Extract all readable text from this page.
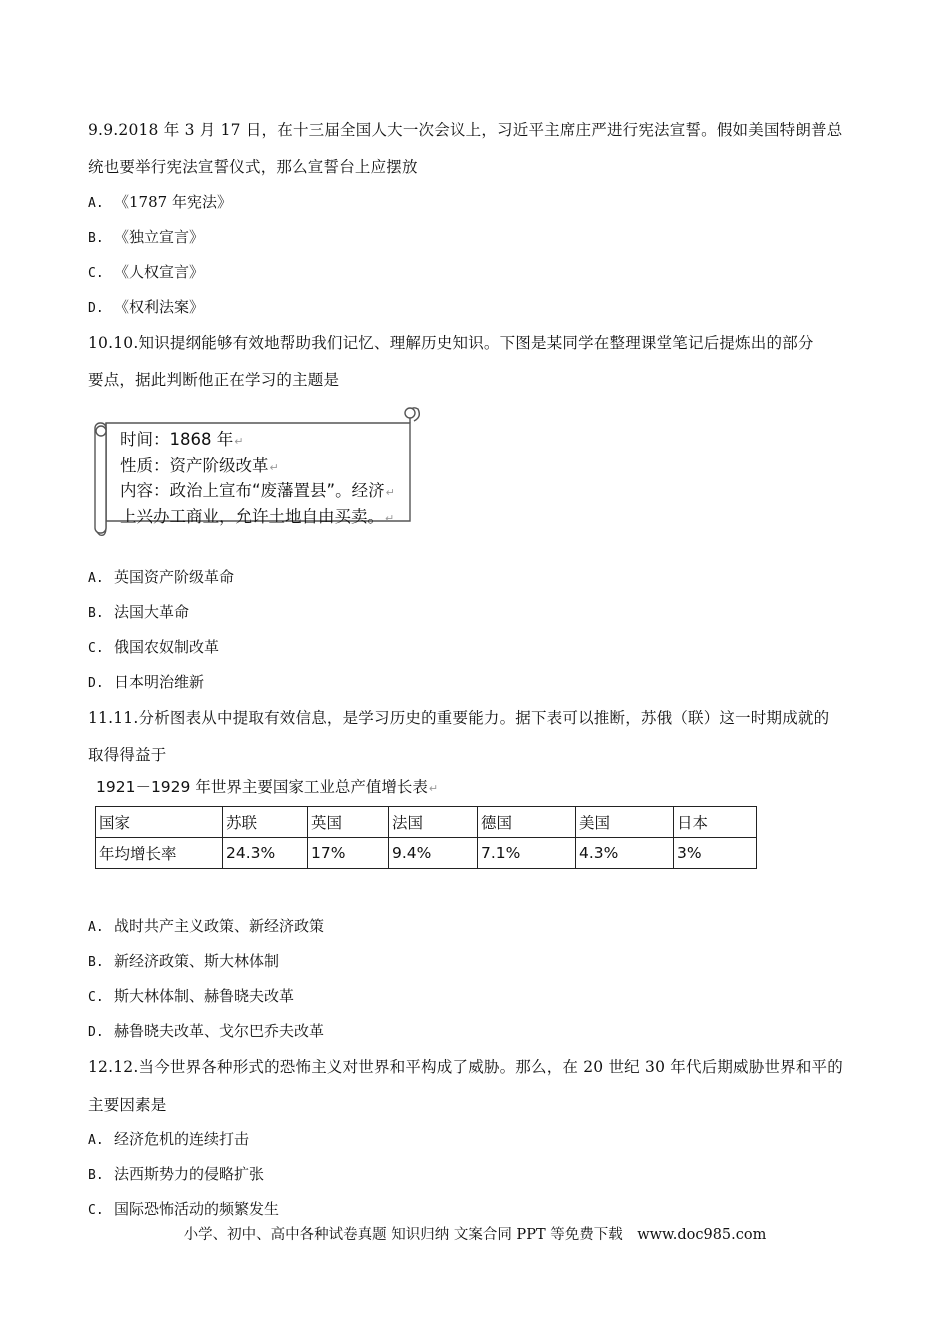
9.9.2018 年 3 月 17 日，在十三届全国人大一次会议上，习近平主席庄严进行宪法宣誓。假如美国特朗普总
统也要举行宪法宣誓仪式，那么宣誓台上应摆放
A. 《1787 年宪法》
B. 《独立宣言》
C. 《人权宣言》
D. 《权利法案》
10.10.知识提纲能够有效地帮助我们记忆、理解历史知识。下图是某同学在整理课堂笔记后提炼出的部分
要点，据此判断他正在学习的主题是
时间：1868 年↵
性质：资产阶级改革↵
内容：政治上宣布“废藩置县”。经济↵
上兴办工商业，允许土地自由买卖。↵
A. 英国资产阶级革命
B. 法国大革命
C. 俄国农奴制改革
D. 日本明治维新
11.11.分析图表从中提取有效信息，是学习历史的重要能力。据下表可以推断，苏俄（联）这一时期成就的
取得得益于
1921－1929 年世界主要国家工业总产值增长表↵
国家	苏联	英国	法国	德国	美国	日本
年均增长率	24.3%	17%	9.4%	7.1%	4.3%	3%
A. 战时共产主义政策、新经济政策
B. 新经济政策、斯大林体制
C. 斯大林体制、赫鲁晓夫改革
D. 赫鲁晓夫改革、戈尔巴乔夫改革
12.12.当今世界各种形式的恐怖主义对世界和平构成了威胁。那么，在 20 世纪 30 年代后期威胁世界和平的
主要因素是
A. 经济危机的连续打击
B. 法西斯势力的侵略扩张
C. 国际恐怖活动的频繁发生
小学、初中、高中各种试卷真题 知识归纳 文案合同 PPT 等免费下载　www.doc985.com
